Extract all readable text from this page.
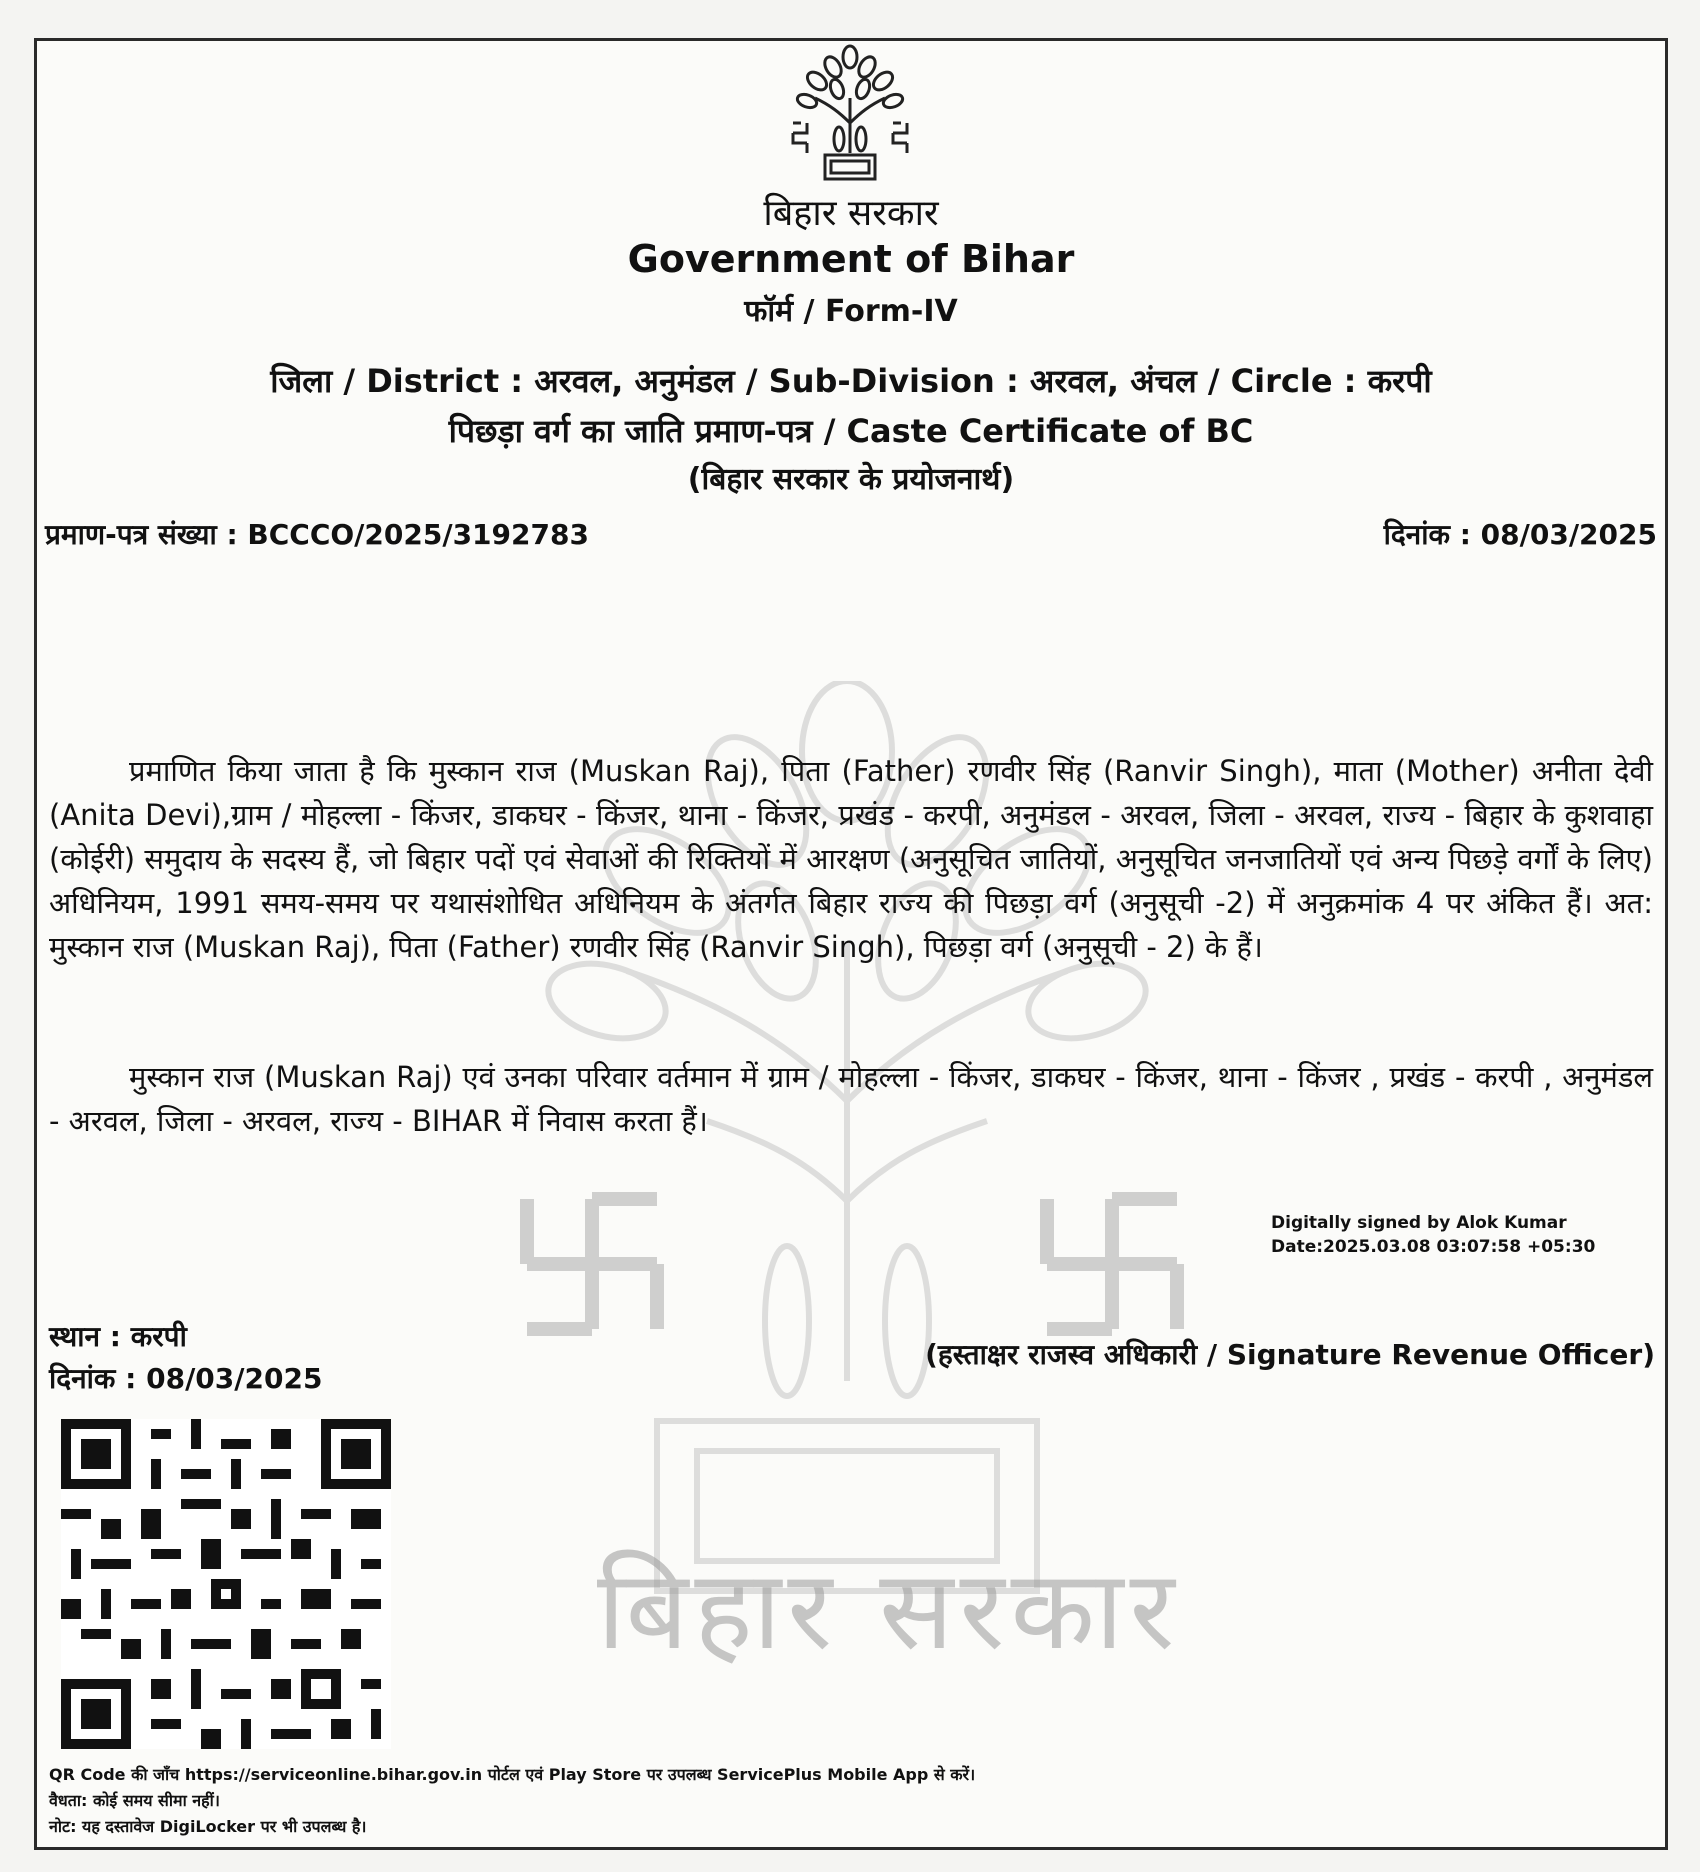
बिहार सरकार
Government of Bihar
फॉर्म / Form-IV
जिला / District : अरवल, अनुमंडल / Sub-Division : अरवल, अंचल / Circle : करपी
पिछड़ा वर्ग का जाति प्रमाण-पत्र / Caste Certificate of BC
(बिहार सरकार के प्रयोजनार्थ)
प्रमाण-पत्र संख्या : BCCCO/2025/3192783	दिनांक : 08/03/2025
बिहार सरकार
प्रमाणित किया जाता है कि मुस्कान राज (Muskan Raj), पिता (Father) रणवीर सिंह (Ranvir Singh), माता (Mother) अनीता देवी (Anita Devi),ग्राम / मोहल्ला - किंजर, डाकघर - किंजर, थाना - किंजर, प्रखंड - करपी, अनुमंडल - अरवल, जिला - अरवल, राज्य - बिहार के कुशवाहा (कोईरी) समुदाय के सदस्य हैं, जो बिहार पदों एवं सेवाओं की रिक्तियों में आरक्षण (अनुसूचित जातियों, अनुसूचित जनजातियों एवं अन्य पिछड़े वर्गों के लिए) अधिनियम, 1991 समय-समय पर यथासंशोधित अधिनियम के अंतर्गत बिहार राज्य की पिछड़ा वर्ग (अनुसूची -2) में अनुक्रमांक 4 पर अंकित हैं। अत: मुस्कान राज (Muskan Raj), पिता (Father) रणवीर सिंह (Ranvir Singh), पिछड़ा वर्ग (अनुसूची - 2) के हैं।
मुस्कान राज (Muskan Raj) एवं उनका परिवार वर्तमान में ग्राम / मोहल्ला - किंजर, डाकघर - किंजर, थाना - किंजर , प्रखंड - करपी , अनुमंडल - अरवल, जिला - अरवल, राज्य - BIHAR में निवास करता हैं।
Digitally signed by Alok Kumar
Date:2025.03.08 03:07:58 +05:30
स्थान : करपी
दिनांक : 08/03/2025
(हस्ताक्षर राजस्व अधिकारी / Signature Revenue Officer)
QR Code की जाँच https://serviceonline.bihar.gov.in पोर्टल एवं Play Store पर उपलब्ध ServicePlus Mobile App से करें।
वैधता: कोई समय सीमा नहीं।
नोट: यह दस्तावेज DigiLocker पर भी उपलब्ध है।
